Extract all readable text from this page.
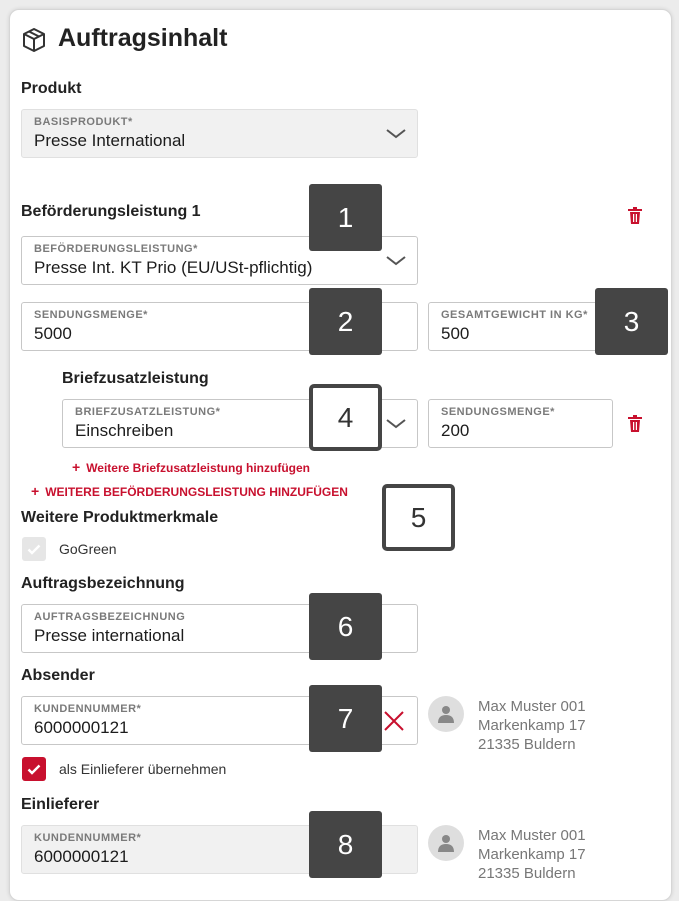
Auftragsinhalt
Produkt
BASISPRODUKT*
Presse International
Beförderungsleistung 1
BEFÖRDERUNGSLEISTUNG*
Presse Int. KT Prio (EU/USt-pflichtig)
SENDUNGSMENGE*
5000
GESAMTGEWICHT IN KG*
500
Briefzusatzleistung
BRIEFZUSATZLEISTUNG*
Einschreiben
SENDUNGSMENGE*
200
+ Weitere Briefzusatzleistung hinzufügen
+ WEITERE BEFÖRDERUNGSLEISTUNG HINZUFÜGEN
Weitere Produktmerkmale
GoGreen
Auftragsbezeichnung
AUFTRAGSBEZEICHNUNG
Presse international
Absender
KUNDENNUMMER*
6000000121
Max Muster 001
Markenkamp 17
21335 Buldern
als Einlieferer übernehmen
Einlieferer
KUNDENNUMMER*
6000000121
Max Muster 001
Markenkamp 17
21335 Buldern
1
2	3
4
5
6
7
8
